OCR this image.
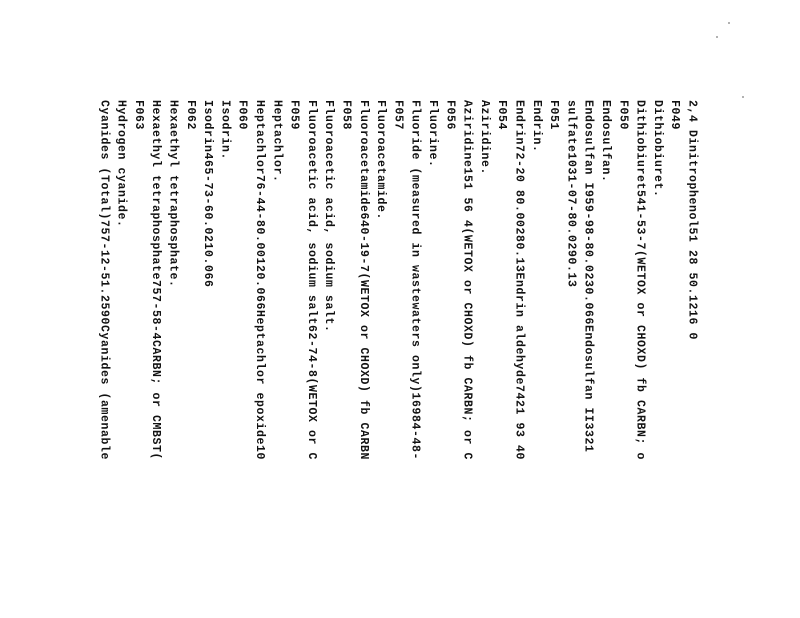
2,4 Dinitrophenol51 28 50.1216 0
F049
Dithiobiuret.
Dithiobiuret541-53-7(WETOX or CHOXD) fb CARBN; o
F050
Endosulfan.
Endosulfan I959-98-80.0230.066Endosulfan II3321
sulfate1031-07-80.0290.13
F051
Endrin.
Endrin72-20 80.00280.13Endrin aldehyde7421 93 40
F054
Aziridine.
Aziridine151 56 4(WETOX or CHOXD) fb CARBN; or C
F056
Fluorine.
Fluoride (measured in wastewaters only)16984-48-
F057
Fluoroacetamide.
Fluoroacetamide640-19-7(WETOX or CHOXD) fb CARBN
F058
Fluoroacetic acid, sodium salt.
Fluoroacetic acid, sodium salt62-74-8(WETOX or C
F059
Heptachlor.
Heptachlor76-44-80.00120.066Heptachlor epoxide10
F060
Isodrin.
Isodrin465-73-60.0210.066
F062
Hexaethyl tetraphosphate.
Hexaethyl tetraphosphate757-58-4CARBN; or CMBST(
F063
Hydrogen cyanide.
Cyanides (Total)757-12-51.2590Cyanides (amenable
